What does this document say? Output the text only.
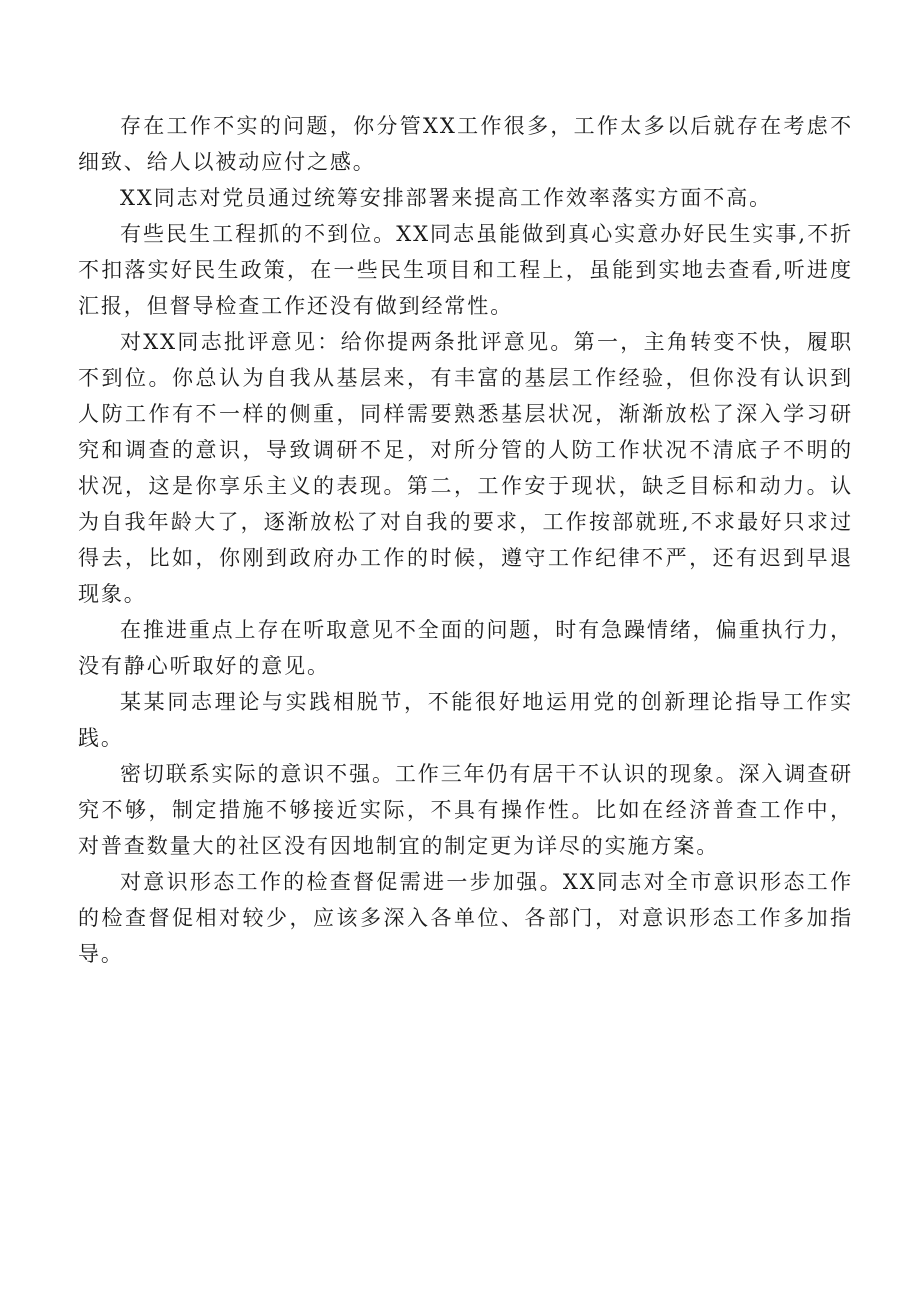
存在工作不实的问题，你分管XX工作很多，工作太多以后就存在考虑不细致、给人以被动应付之感。

XX同志对党员通过统筹安排部署来提高工作效率落实方面不高。

有些民生工程抓的不到位。XX同志虽能做到真心实意办好民生实事,不折不扣落实好民生政策，在一些民生项目和工程上，虽能到实地去查看,听进度汇报，但督导检查工作还没有做到经常性。

对XX同志批评意见：给你提两条批评意见。第一，主角转变不快，履职不到位。你总认为自我从基层来，有丰富的基层工作经验，但你没有认识到人防工作有不一样的侧重，同样需要熟悉基层状况，渐渐放松了深入学习研究和调查的意识，导致调研不足，对所分管的人防工作状况不清底子不明的状况，这是你享乐主义的表现。第二，工作安于现状，缺乏目标和动力。认为自我年龄大了，逐渐放松了对自我的要求，工作按部就班,不求最好只求过得去，比如，你刚到政府办工作的时候，遵守工作纪律不严，还有迟到早退现象。

在推进重点上存在听取意见不全面的问题，时有急躁情绪，偏重执行力，没有静心听取好的意见。

某某同志理论与实践相脱节，不能很好地运用党的创新理论指导工作实践。

密切联系实际的意识不强。工作三年仍有居干不认识的现象。深入调查研究不够，制定措施不够接近实际，不具有操作性。比如在经济普查工作中，对普查数量大的社区没有因地制宜的制定更为详尽的实施方案。

对意识形态工作的检查督促需进一步加强。XX同志对全市意识形态工作的检查督促相对较少，应该多深入各单位、各部门，对意识形态工作多加指导。
